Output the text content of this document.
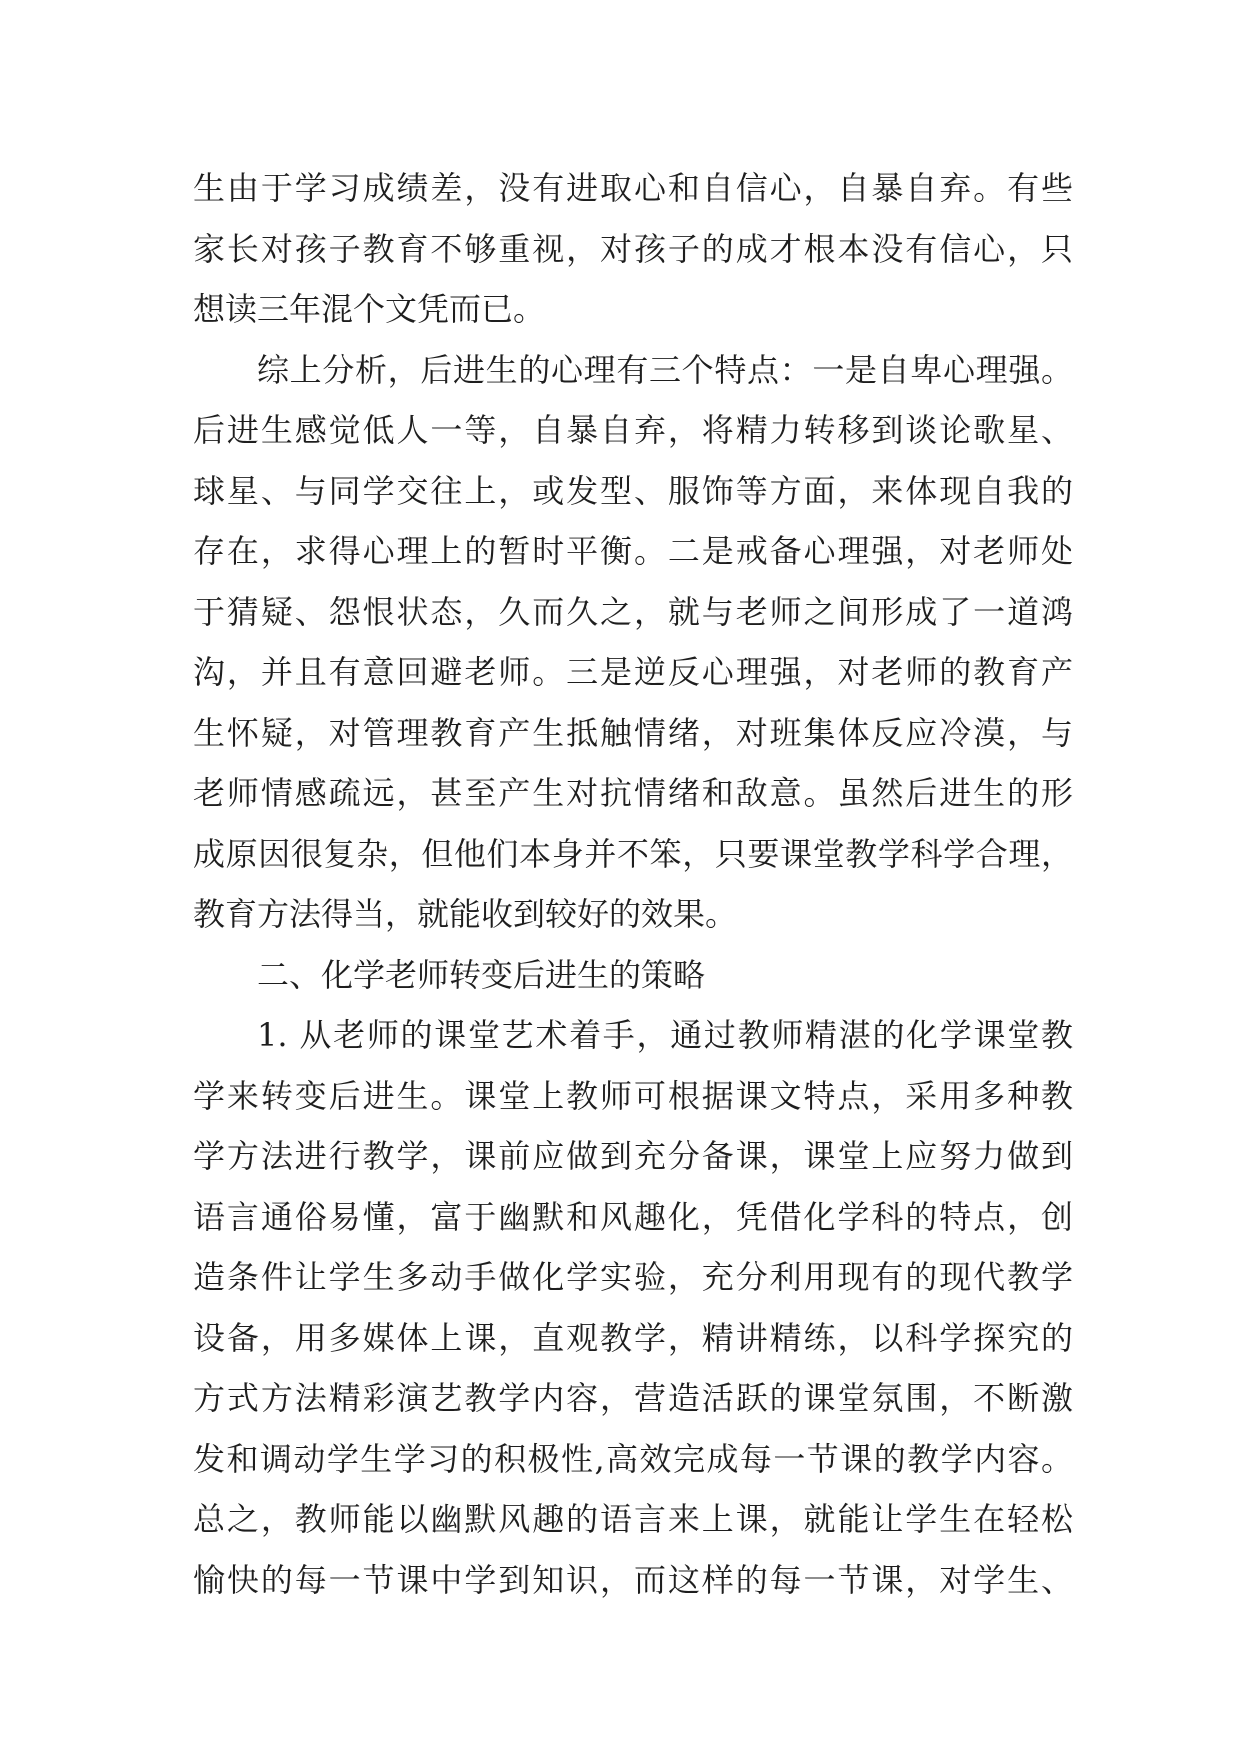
生由于学习成绩差，没有进取心和自信心，自暴自弃。有些
家长对孩子教育不够重视，对孩子的成才根本没有信心，只
想读三年混个文凭而已。
综上分析，后进生的心理有三个特点：一是自卑心理强。
后进生感觉低人一等，自暴自弃，将精力转移到谈论歌星、
球星、与同学交往上，或发型、服饰等方面，来体现自我的
存在，求得心理上的暂时平衡。二是戒备心理强，对老师处
于猜疑、怨恨状态，久而久之，就与老师之间形成了一道鸿
沟，并且有意回避老师。三是逆反心理强，对老师的教育产
生怀疑，对管理教育产生抵触情绪，对班集体反应冷漠，与
老师情感疏远，甚至产生对抗情绪和敌意。虽然后进生的形
成原因很复杂，但他们本身并不笨，只要课堂教学科学合理，
教育方法得当，就能收到较好的效果。
二、化学老师转变后进生的策略
1. 从老师的课堂艺术着手，通过教师精湛的化学课堂教
学来转变后进生。课堂上教师可根据课文特点，采用多种教
学方法进行教学，课前应做到充分备课，课堂上应努力做到
语言通俗易懂，富于幽默和风趣化，凭借化学科的特点，创
造条件让学生多动手做化学实验，充分利用现有的现代教学
设备，用多媒体上课，直观教学，精讲精练，以科学探究的
方式方法精彩演艺教学内容，营造活跃的课堂氛围，不断激
发和调动学生学习的积极性,高效完成每一节课的教学内容。
总之，教师能以幽默风趣的语言来上课，就能让学生在轻松
愉快的每一节课中学到知识，而这样的每一节课，对学生、
